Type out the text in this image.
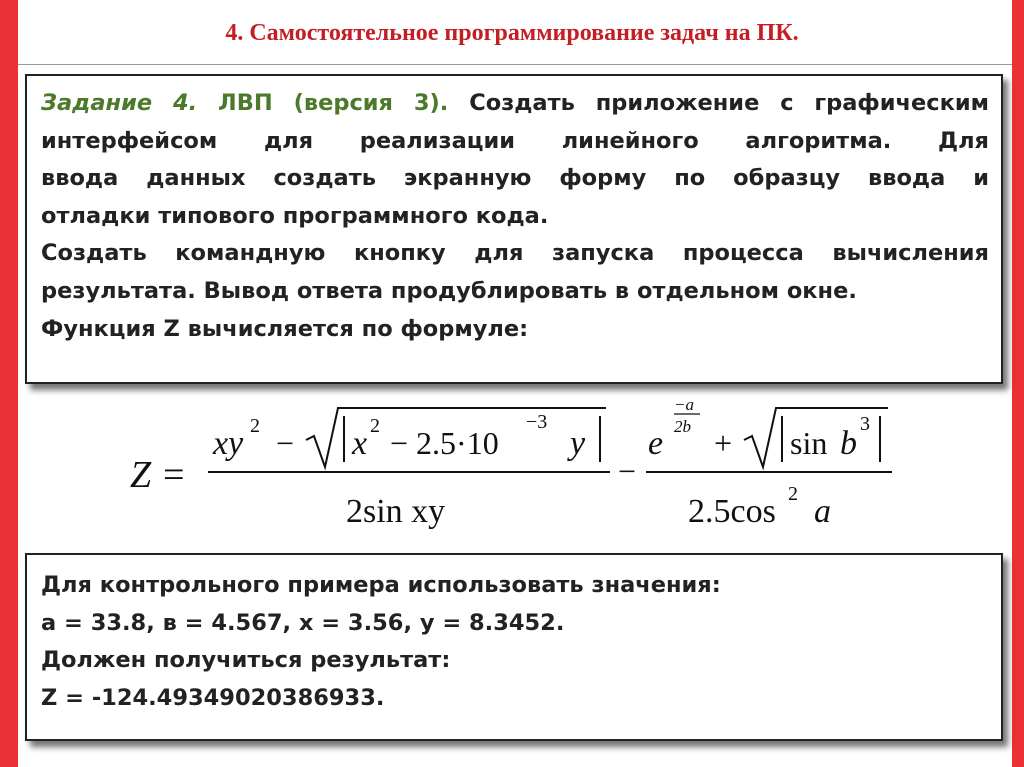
4. Самостоятельное программирование задач на ПК.
Задание 4. ЛВП (версия 3). Создать приложение с графическим
интерфейсом для реализации линейного алгоритма. Для
ввода данных создать экранную форму по образцу ввода и
отладки типового программного кода.
Создать командную кнопку для запуска процесса вычисления
результата. Вывод ответа продублировать в отдельном окне.
Функция Z вычисляется по формуле:
Z =
xy 2 − x 2 − 2.5·10
−3
y
2sin xy
−
e
−a
2b + sin b
3
2.5cos 2 a
Для контрольного примера использовать значения:
а = 33.8, в = 4.567, х = 3.56, у = 8.3452.
Должен получиться результат:
Z = -124.49349020386933.
